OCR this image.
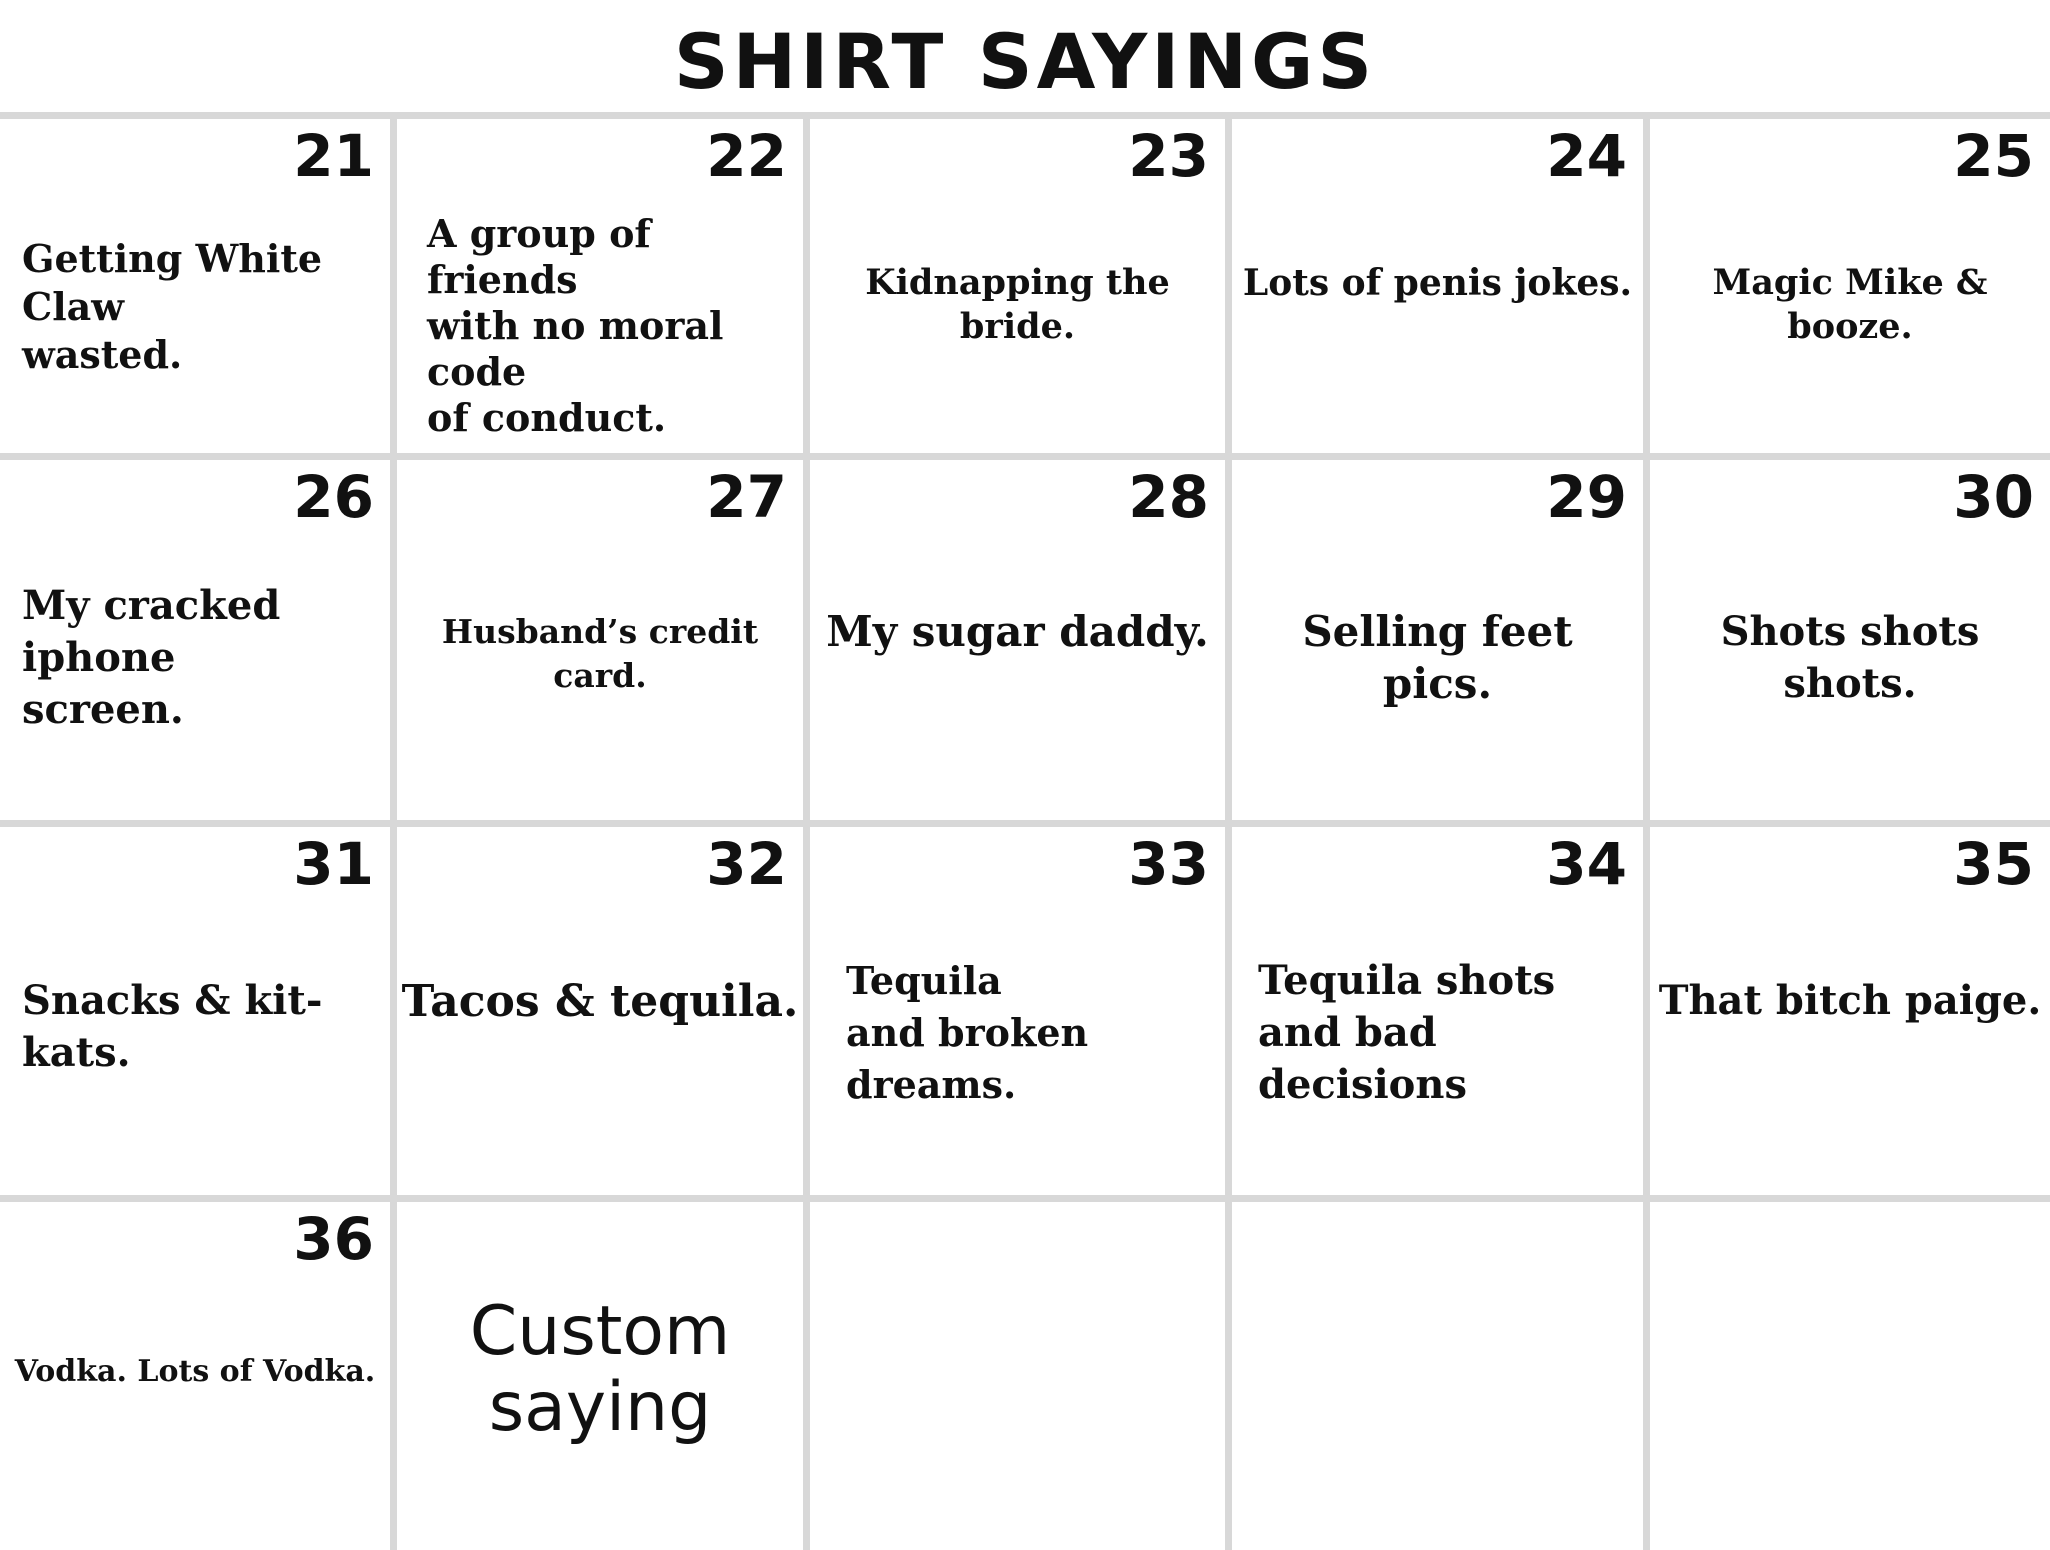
SHIRT SAYINGS
21
Getting White Claw
wasted.
22
A group of friends
with no moral code
of conduct.
23
Kidnapping the bride.
24
Lots of penis jokes.
25
Magic Mike & booze.
26
My cracked iphone
screen.
27
Husband’s credit card.
28
My sugar daddy.
29
Selling feet pics.
30
Shots shots shots.
31
Snacks & kit-kats.
32
Tacos & tequila.
33
Tequila
and broken dreams.
34
Tequila shots
and bad decisions
35
That bitch paige.
36
Vodka. Lots of Vodka.
Custom
saying
